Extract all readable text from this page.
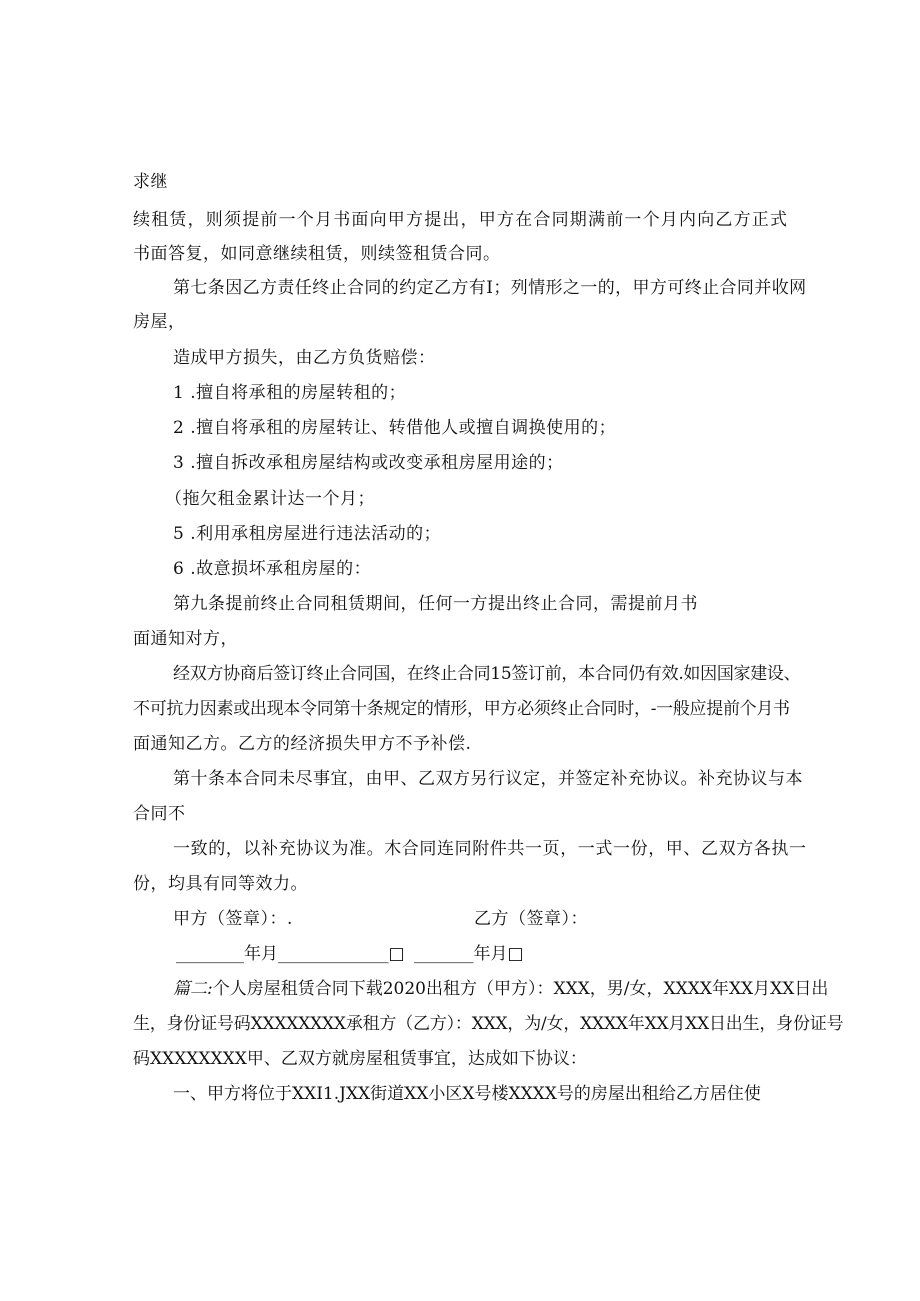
求继
续租赁，则须提前一个月书面向甲方提出，甲方在合同期满前一个月内向乙方正式
书面答复，如同意继续租赁，则续签租赁合同。
第七条因乙方责任终止合同的约定乙方有I；列情形之一的，甲方可终止合同并收网
房屋，
造成甲方损失，由乙方负货赔偿：
1 .擅自将承租的房屋转租的；
2 .擅自将承租的房屋转让、转借他人或擅自调换使用的；
3 .擅自拆改承租房屋结构或改变承租房屋用途的；
（拖欠租金累计达一个月；
5 .利用承租房屋进行违法活动的；
6 .故意损坏承租房屋的：
第九条提前终止合同租赁期间，任何一方提出终止合同，需提前月书
面通知对方，
经双方协商后签订终止合同国，在终止合同15签订前，本合同仍有效.如因国家建设、
不可抗力因素或出现本令同第十条规定的情形，甲方必须终止合同时，-一般应提前个月书
面通知乙方。乙方的经济损失甲方不予补偿.
第十条本合同未尽事宜，由甲、乙双方另行议定，并签定补充协议。补充协议与本
合同不
一致的，以补充协议为准。木合同连同附件共一页，一式一份，甲、乙双方各执一
份，均具有同等效力。
甲方（签章）：.	乙方（签章）：
________年月_____________□ _______年月□
篇二:个人房屋租赁合同下载2020出租方（甲方）：XXX，男/女，XXXX年XX月XX日出
生，身份证号码XXXXXXXX承租方（乙方）：XXX，为/女，XXXX年XX月XX日出生，身份证号
码XXXXXXXX甲、乙双方就房屋租赁事宜，达成如下协议：
一、甲方将位于XXI1.JXX街道XX小区X号楼XXXX号的房屋出租给乙方居住使
